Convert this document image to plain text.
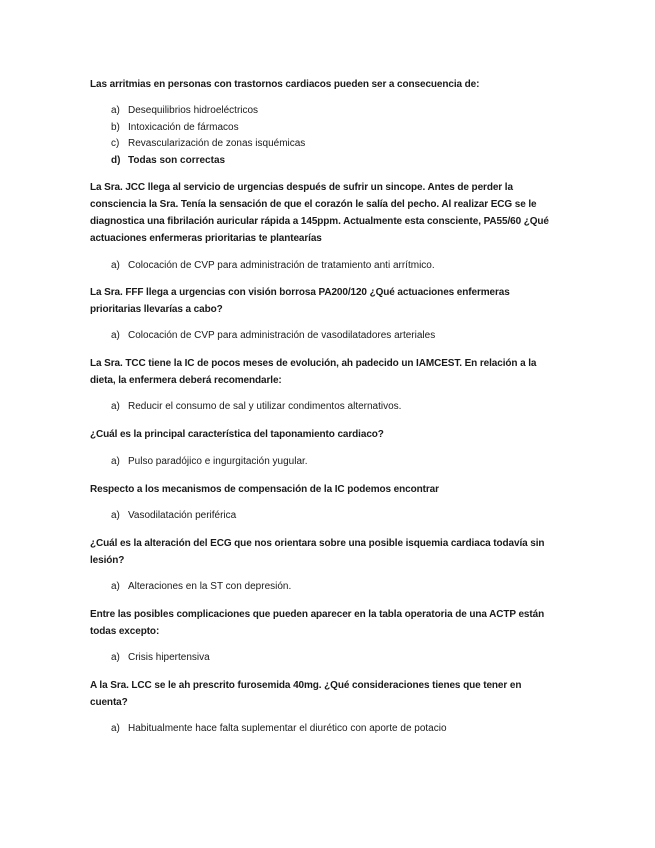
Las arritmias en personas con trastornos cardiacos pueden ser a consecuencia de:
a) Desequilibrios hidroeléctricos
b) Intoxicación de fármacos
c) Revascularización de zonas isquémicas
d) Todas son correctas
La Sra. JCC llega al servicio de urgencias después de sufrir un sincope. Antes de perder la consciencia la Sra. Tenía la sensación de que el corazón le salía del pecho. Al realizar ECG se le diagnostica una fibrilación auricular rápida a 145ppm. Actualmente esta consciente, PA55/60 ¿Qué actuaciones enfermeras prioritarias te plantearías
a) Colocación de CVP para administración de tratamiento anti arrítmico.
La Sra. FFF llega a urgencias con visión borrosa PA200/120 ¿Qué actuaciones enfermeras prioritarias llevarías a cabo?
a) Colocación de CVP para administración de vasodilatadores arteriales
La Sra. TCC tiene la IC de pocos meses de evolución, ah padecido un IAMCEST. En relación a la dieta, la enfermera deberá recomendarle:
a) Reducir el consumo de sal y utilizar condimentos alternativos.
¿Cuál es la principal característica del taponamiento cardiaco?
a) Pulso paradójico e ingurgitación yugular.
Respecto a los mecanismos de compensación de la IC podemos encontrar
a) Vasodilatación periférica
¿Cuál es la alteración del ECG que nos orientara sobre una posible isquemia cardiaca todavía sin lesión?
a) Alteraciones en la ST con depresión.
Entre las posibles complicaciones que pueden aparecer en la tabla operatoria de una ACTP están todas excepto:
a) Crisis hipertensiva
A la Sra. LCC se le ah prescrito furosemida 40mg. ¿Qué consideraciones tienes que tener en cuenta?
a) Habitualmente hace falta suplementar el diurético con aporte de potacio
